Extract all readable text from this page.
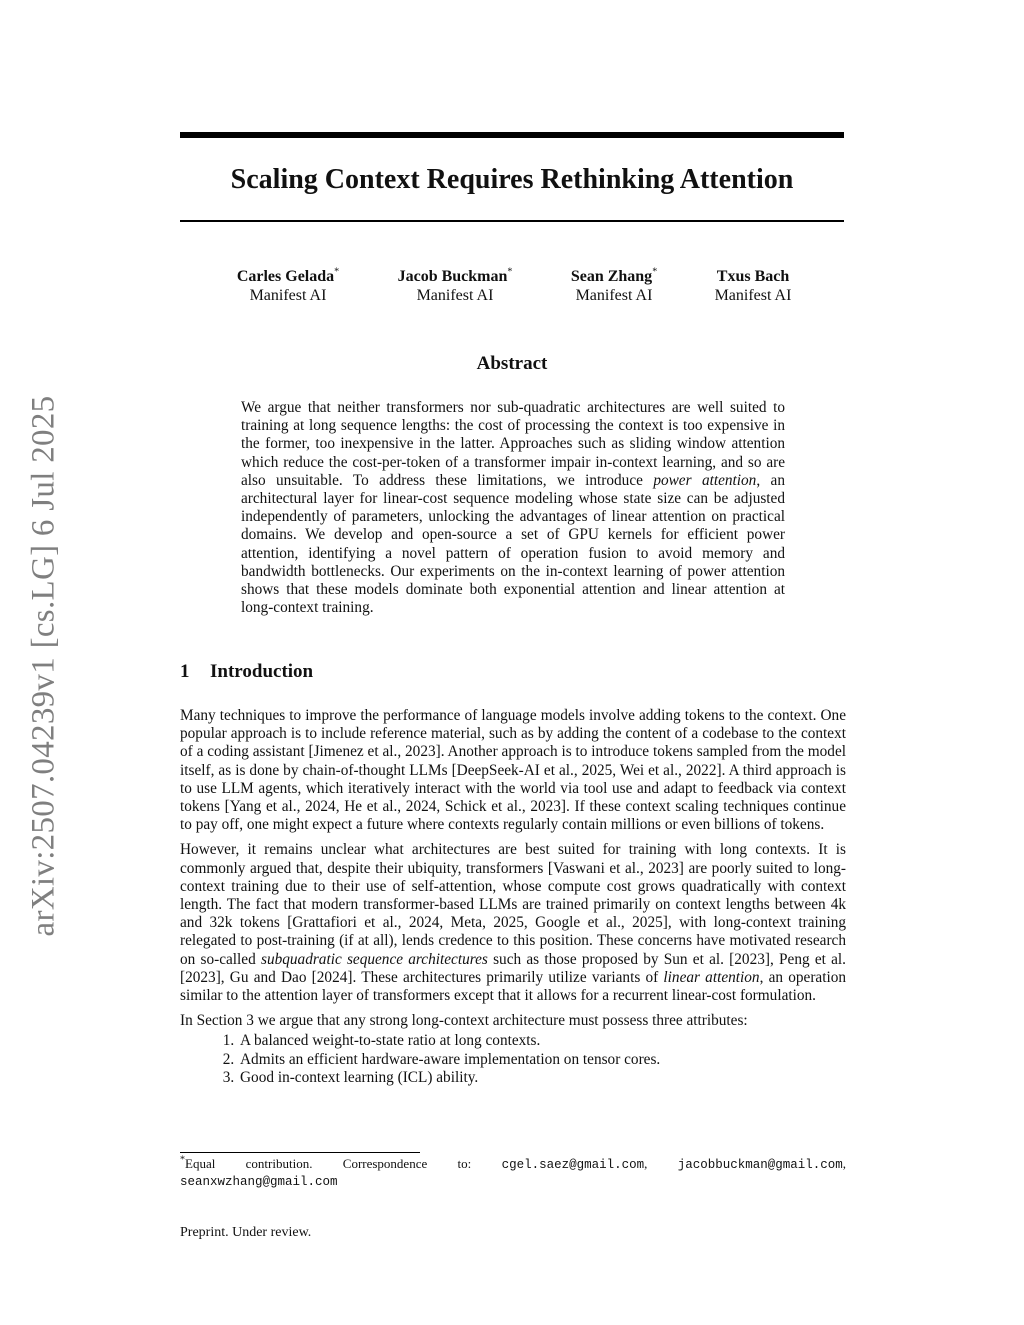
arXiv:2507.04239v1 [cs.LG] 6 Jul 2025
Scaling Context Requires Rethinking Attention
Carles Gelada*
Manifest AI
Jacob Buckman*
Manifest AI
Sean Zhang*
Manifest AI
Txus Bach
Manifest AI
Abstract
We argue that neither transformers nor sub-quadratic architectures are well suited to training at long sequence lengths: the cost of processing the context is too expensive in the former, too inexpensive in the latter. Approaches such as sliding window attention which reduce the cost-per-token of a transformer impair in-context learning, and so are also unsuitable. To address these limitations, we introduce power attention, an architectural layer for linear-cost sequence modeling whose state size can be adjusted independently of parameters, unlocking the advantages of linear attention on practical domains. We develop and open-source a set of GPU kernels for efficient power attention, identifying a novel pattern of operation fusion to avoid memory and bandwidth bottlenecks. Our experiments on the in-context learning of power attention shows that these models dominate both exponential attention and linear attention at long-context training.
1 Introduction

Many techniques to improve the performance of language models involve adding tokens to the context. One popular approach is to include reference material, such as by adding the content of a codebase to the context of a coding assistant [Jimenez et al., 2023]. Another approach is to introduce tokens sampled from the model itself, as is done by chain-of-thought LLMs [DeepSeek-AI et al., 2025, Wei et al., 2022]. A third approach is to use LLM agents, which iteratively interact with the world via tool use and adapt to feedback via context tokens [Yang et al., 2024, He et al., 2024, Schick et al., 2023]. If these context scaling techniques continue to pay off, one might expect a future where contexts regularly contain millions or even billions of tokens.

However, it remains unclear what architectures are best suited for training with long contexts. It is commonly argued that, despite their ubiquity, transformers [Vaswani et al., 2023] are poorly suited to long-context training due to their use of self-attention, whose compute cost grows quadratically with context length. The fact that modern transformer-based LLMs are trained primarily on context lengths between 4k and 32k tokens [Grattafiori et al., 2024, Meta, 2025, Google et al., 2025], with long-context training relegated to post-training (if at all), lends credence to this position. These concerns have motivated research on so-called subquadratic sequence architectures such as those proposed by Sun et al. [2023], Peng et al. [2023], Gu and Dao [2024]. These architectures primarily utilize variants of linear attention, an operation similar to the attention layer of transformers except that it allows for a recurrent linear-cost formulation.

In Section 3 we argue that any strong long-context architecture must possess three attributes:

1. A balanced weight-to-state ratio at long contexts.
2. Admits an efficient hardware-aware implementation on tensor cores.
3. Good in-context learning (ICL) ability.
*Equal contribution. Correspondence to: cgel.saez@gmail.com, jacobbuckman@gmail.com, seanxwzhang@gmail.com
Preprint. Under review.
